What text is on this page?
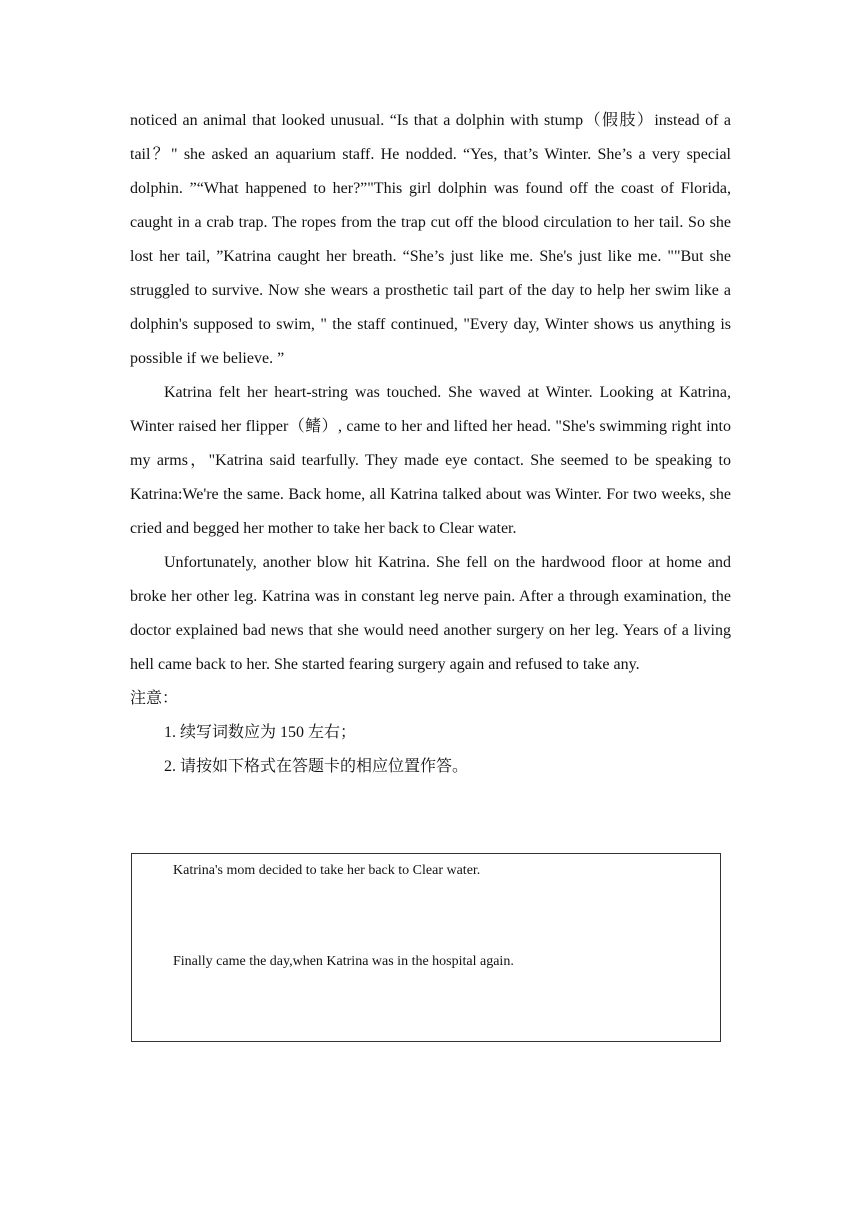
noticed an animal that looked unusual. “Is that a dolphin with stump（假肢）instead of a tail？" she asked an aquarium staff. He nodded. “Yes, that’s Winter. She’s a very special dolphin. ”“What happened to her?”"This girl dolphin was found off the coast of Florida, caught in a crab trap. The ropes from the trap cut off the blood circulation to her tail. So she lost her tail, ”Katrina caught her breath. “She’s just like me. She's just like me. ""But she struggled to survive. Now she wears a prosthetic tail part of the day to help her swim like a dolphin's supposed to swim, " the staff continued, "Every day, Winter shows us anything is possible if we believe. ”

Katrina felt her heart-string was touched. She waved at Winter. Looking at Katrina, Winter raised her flipper（鳍）, came to her and lifted her head. "She's swimming right into my arms，"Katrina said tearfully. They made eye contact. She seemed to be speaking to Katrina:We're the same. Back home, all Katrina talked about was Winter. For two weeks, she cried and begged her mother to take her back to Clear water.

Unfortunately, another blow hit Katrina. She fell on the hardwood floor at home and broke her other leg. Katrina was in constant leg nerve pain. After a through examination, the doctor explained bad news that she would need another surgery on her leg. Years of a living hell came back to her. She started fearing surgery again and refused to take any.

注意：

1. 续写词数应为 150 左右；

2. 请按如下格式在答题卡的相应位置作答。

Katrina's mom decided to take her back to Clear water.
Finally came the day,when Katrina was in the hospital again.
